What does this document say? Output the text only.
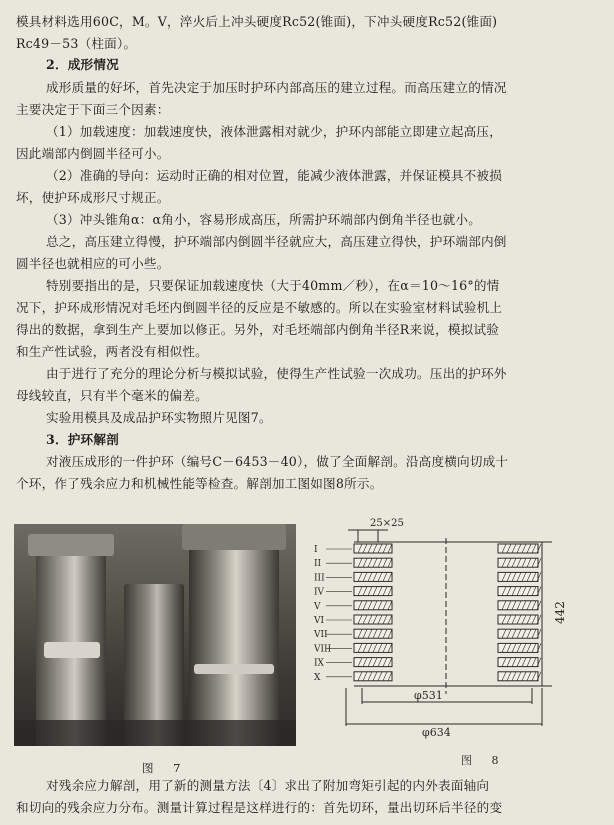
模具材料选用60C，M。V，淬火后上冲头硬度Rc52(锥面)，下冲头硬度Rc52(锥面)
Rc49－53（柱面）。
2．成形情况
成形质量的好坏，首先决定于加压时护环内部高压的建立过程。而高压建立的情况
主要决定于下面三个因素：
（1）加载速度：加载速度快，液体泄露相对就少，护环内部能立即建立起高压，
因此端部内倒圆半径可小。
（2）准确的导向：运动时正确的相对位置，能减少液体泄露，并保证模具不被损
坏，使护环成形尺寸规正。
（3）冲头锥角α：α角小，容易形成高压，所需护环端部内倒角半径也就小。
总之，高压建立得慢，护环端部内倒圆半径就应大，高压建立得快，护环端部内倒
圆半径也就相应的可小些。
特别要指出的是，只要保证加载速度快（大于40mm／秒），在α＝10～16°的情
况下，护环成形情况对毛坯内倒圆半径的反应是不敏感的。所以在实验室材料试验机上
得出的数据，拿到生产上要加以修正。另外，对毛坯端部内倒角半径R来说，模拟试验
和生产性试验，两者没有相似性。
由于进行了充分的理论分析与模拟试验，使得生产性试验一次成功。压出的护环外
母线较直，只有半个毫米的偏差。
实验用模具及成品护环实物照片见图7。
3．护环解剖
对液压成形的一件护环（编号C－6453－40），做了全面解剖。沿高度横向切成十
个环，作了残余应力和机械性能等检查。解剖加工图如图8所示。
图 7
25×25
442
φ531
φ634
图 8
I
II
III
IV
V
VI
VII
VIII
IX
X
对残余应力解剖，用了新的测量方法〔4〕求出了附加弯矩引起的内外表面轴向
和切向的残余应力分布。测量计算过程是这样进行的：首先切环，量出切环后半径的变
